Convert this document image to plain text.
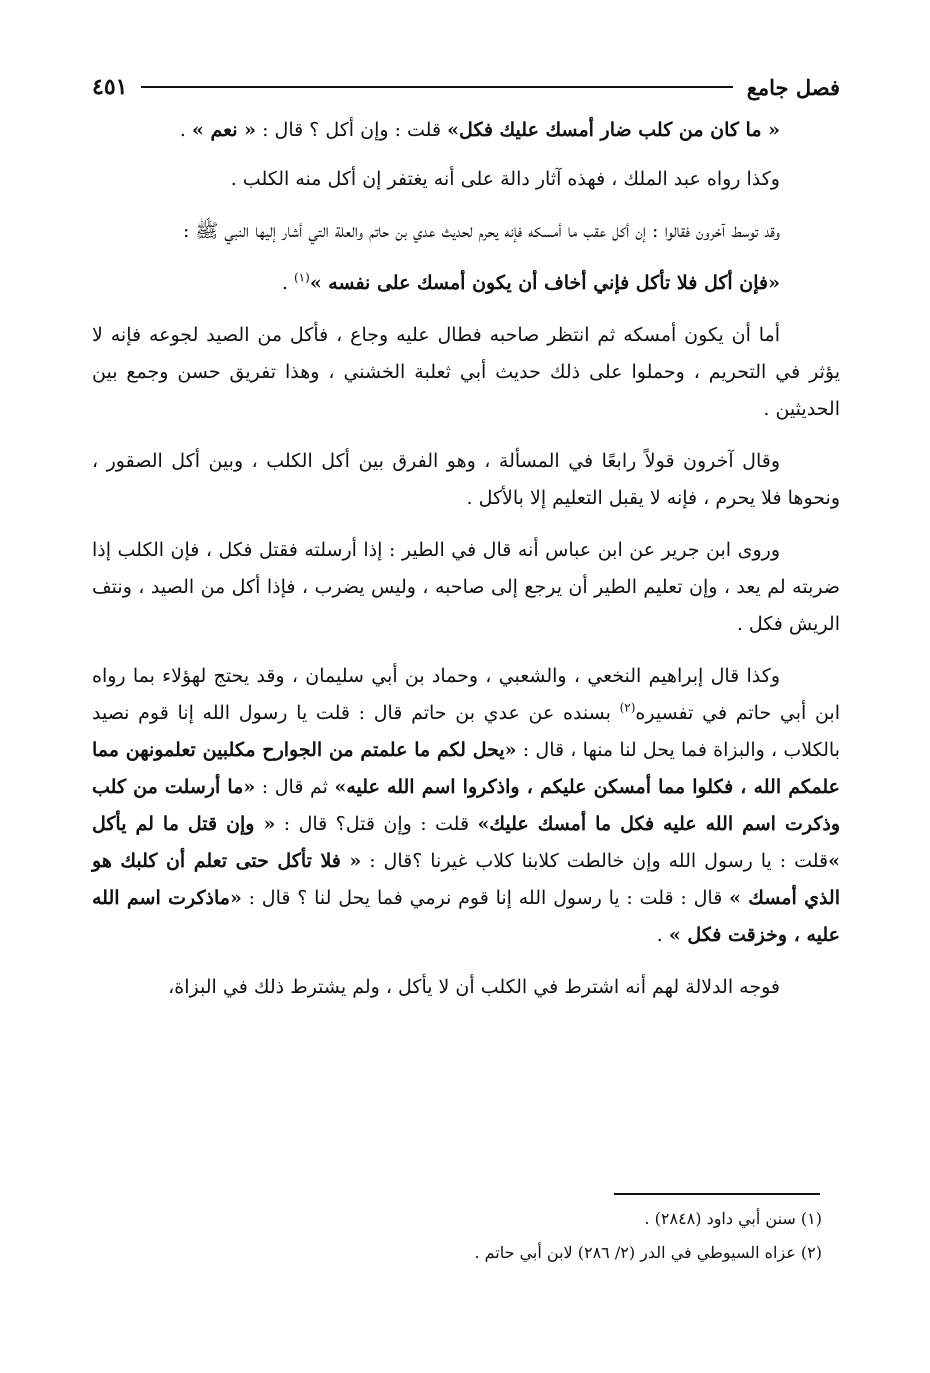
فصل جامع
٤٥١

« ما كان من كلب ضار أمسك عليك فكل» قلت : وإن أكل ؟ قال : « نعم » .

وكذا رواه عبد الملك ، فهذه آثار دالة على أنه يغتفر إن أكل منه الكلب .

وقد توسط آخرون فقالوا : إن أكل عقب ما أمسكه فإنه يحرم لحديث عدي بن حاتم والعلة التي أشار إليها النبي ﷺ :

«فإن أكل فلا تأكل فإني أخاف أن يكون أمسك على نفسه »$^{(١)}$ .

أما أن يكون أمسكه ثم انتظر صاحبه فطال عليه وجاع ، فأكل من الصيد لجوعه فإنه لا يؤثر في التحريم ، وحملوا على ذلك حديث أبي ثعلبة الخشني ، وهذا تفريق حسن وجمع بين الحديثين .

وقال آخرون قولاً رابعًا في المسألة ، وهو الفرق بين أكل الكلب ، وبين أكل الصقور ، ونحوها فلا يحرم ، فإنه لا يقبل التعليم إلا بالأكل .

وروى ابن جرير عن ابن عباس أنه قال في الطير : إذا أرسلته فقتل فكل ، فإن الكلب إذا ضربته لم يعد ، وإن تعليم الطير أن يرجع إلى صاحبه ، وليس يضرب ، فإذا أكل من الصيد ، ونتف الريش فكل .

وكذا قال إبراهيم النخعي ، والشعبي ، وحماد بن أبي سليمان ، وقد يحتج لهؤلاء بما رواه ابن أبي حاتم في تفسيره$^{(٢)}$ بسنده عن عدي بن حاتم قال : قلت يا رسول الله إنا قوم نصيد بالكلاب ، والبزاة فما يحل لنا منها ، قال : «يحل لكم ما علمتم من الجوارح مكلبين تعلمونهن مما علمكم الله ، فكلوا مما أمسكن عليكم ، واذكروا اسم الله عليه» ثم قال : «ما أرسلت من كلب وذكرت اسم الله عليه فكل ما أمسك عليك» قلت : وإن قتل؟ قال : « وإن قتل ما لم يأكل »قلت : يا رسول الله وإن خالطت كلابنا كلاب غيرنا ؟قال : « فلا تأكل حتى تعلم أن كلبك هو الذي أمسك » قال : قلت : يا رسول الله إنا قوم نرمي فما يحل لنا ؟ قال : «ماذكرت اسم الله عليه ، وخزقت فكل » .

فوجه الدلالة لهم أنه اشترط في الكلب أن لا يأكل ، ولم يشترط ذلك في البزاة،

(١) سنن أبي داود (٢٨٤٨) .

(٢) عزاه السيوطي في الدر (٢/ ٢٨٦) لابن أبي حاتم .
